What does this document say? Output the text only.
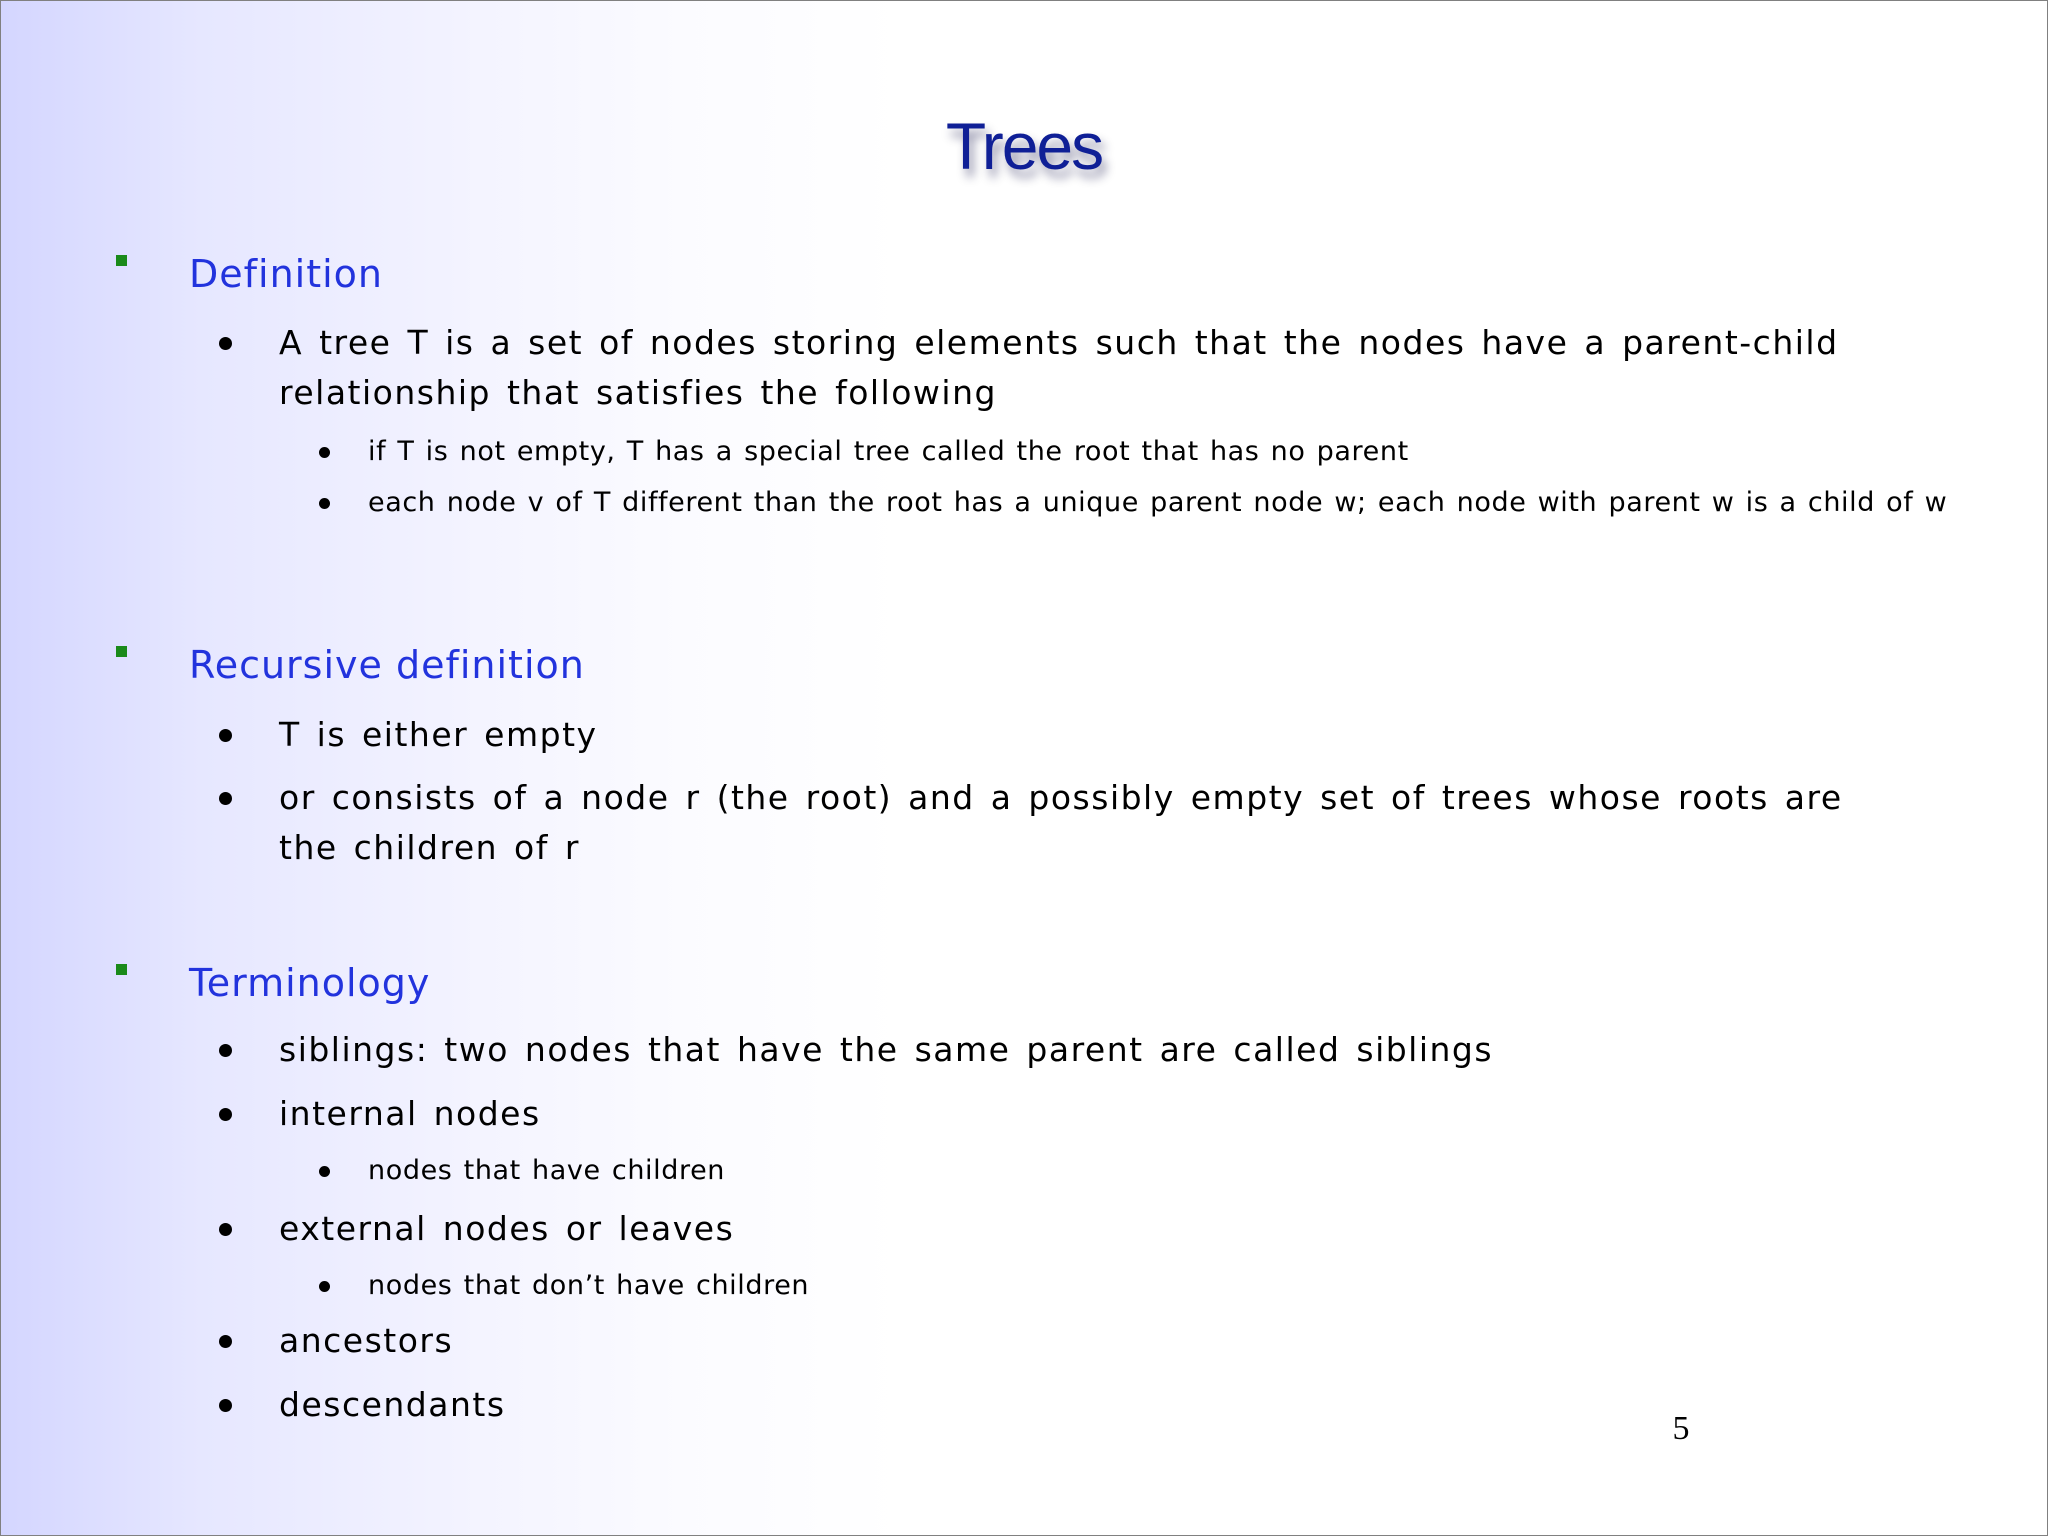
Trees
Definition
A tree T is a set of nodes storing elements such that the nodes have a parent-child relationship that satisfies the following
if T is not empty, T has a special tree called the root that has no parent
each node v of T different than the root has a unique parent node w; each node with parent w is a child of w
Recursive definition
T is either empty
or consists of a node r (the root) and a possibly empty set of trees whose roots are the children of r
Terminology
siblings: two nodes that have the same parent are called siblings
internal nodes
nodes that have children
external nodes or leaves
nodes that don’t have children
ancestors
descendants
5
